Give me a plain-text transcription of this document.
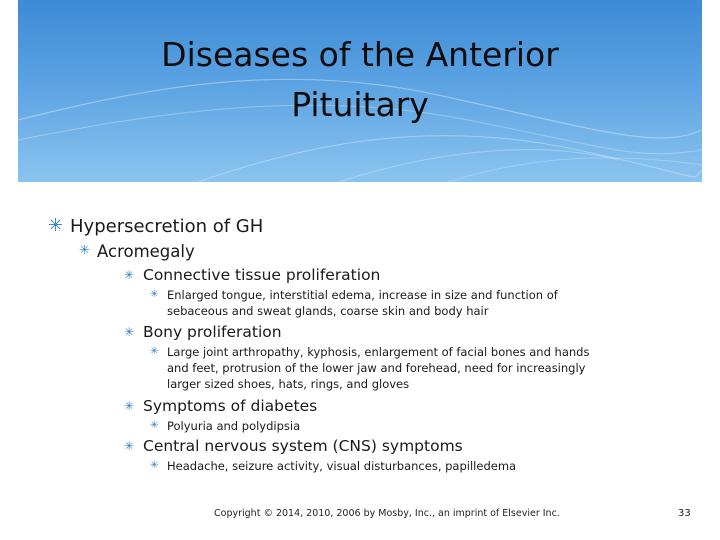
Diseases of the Anterior
Pituitary
✳ Hypersecretion of GH
✳ Acromegaly
✳ Connective tissue proliferation
✳ Enlarged tongue, interstitial edema, increase in size and function of
sebaceous and sweat glands, coarse skin and body hair
✳ Bony proliferation
✳ Large joint arthropathy, kyphosis, enlargement of facial bones and hands
and feet, protrusion of the lower jaw and forehead, need for increasingly
larger sized shoes, hats, rings, and gloves
✳ Symptoms of diabetes
✳ Polyuria and polydipsia
✳ Central nervous system (CNS) symptoms
✳ Headache, seizure activity, visual disturbances, papilledema
Copyright © 2014, 2010, 2006 by Mosby, Inc., an imprint of Elsevier Inc.	33
